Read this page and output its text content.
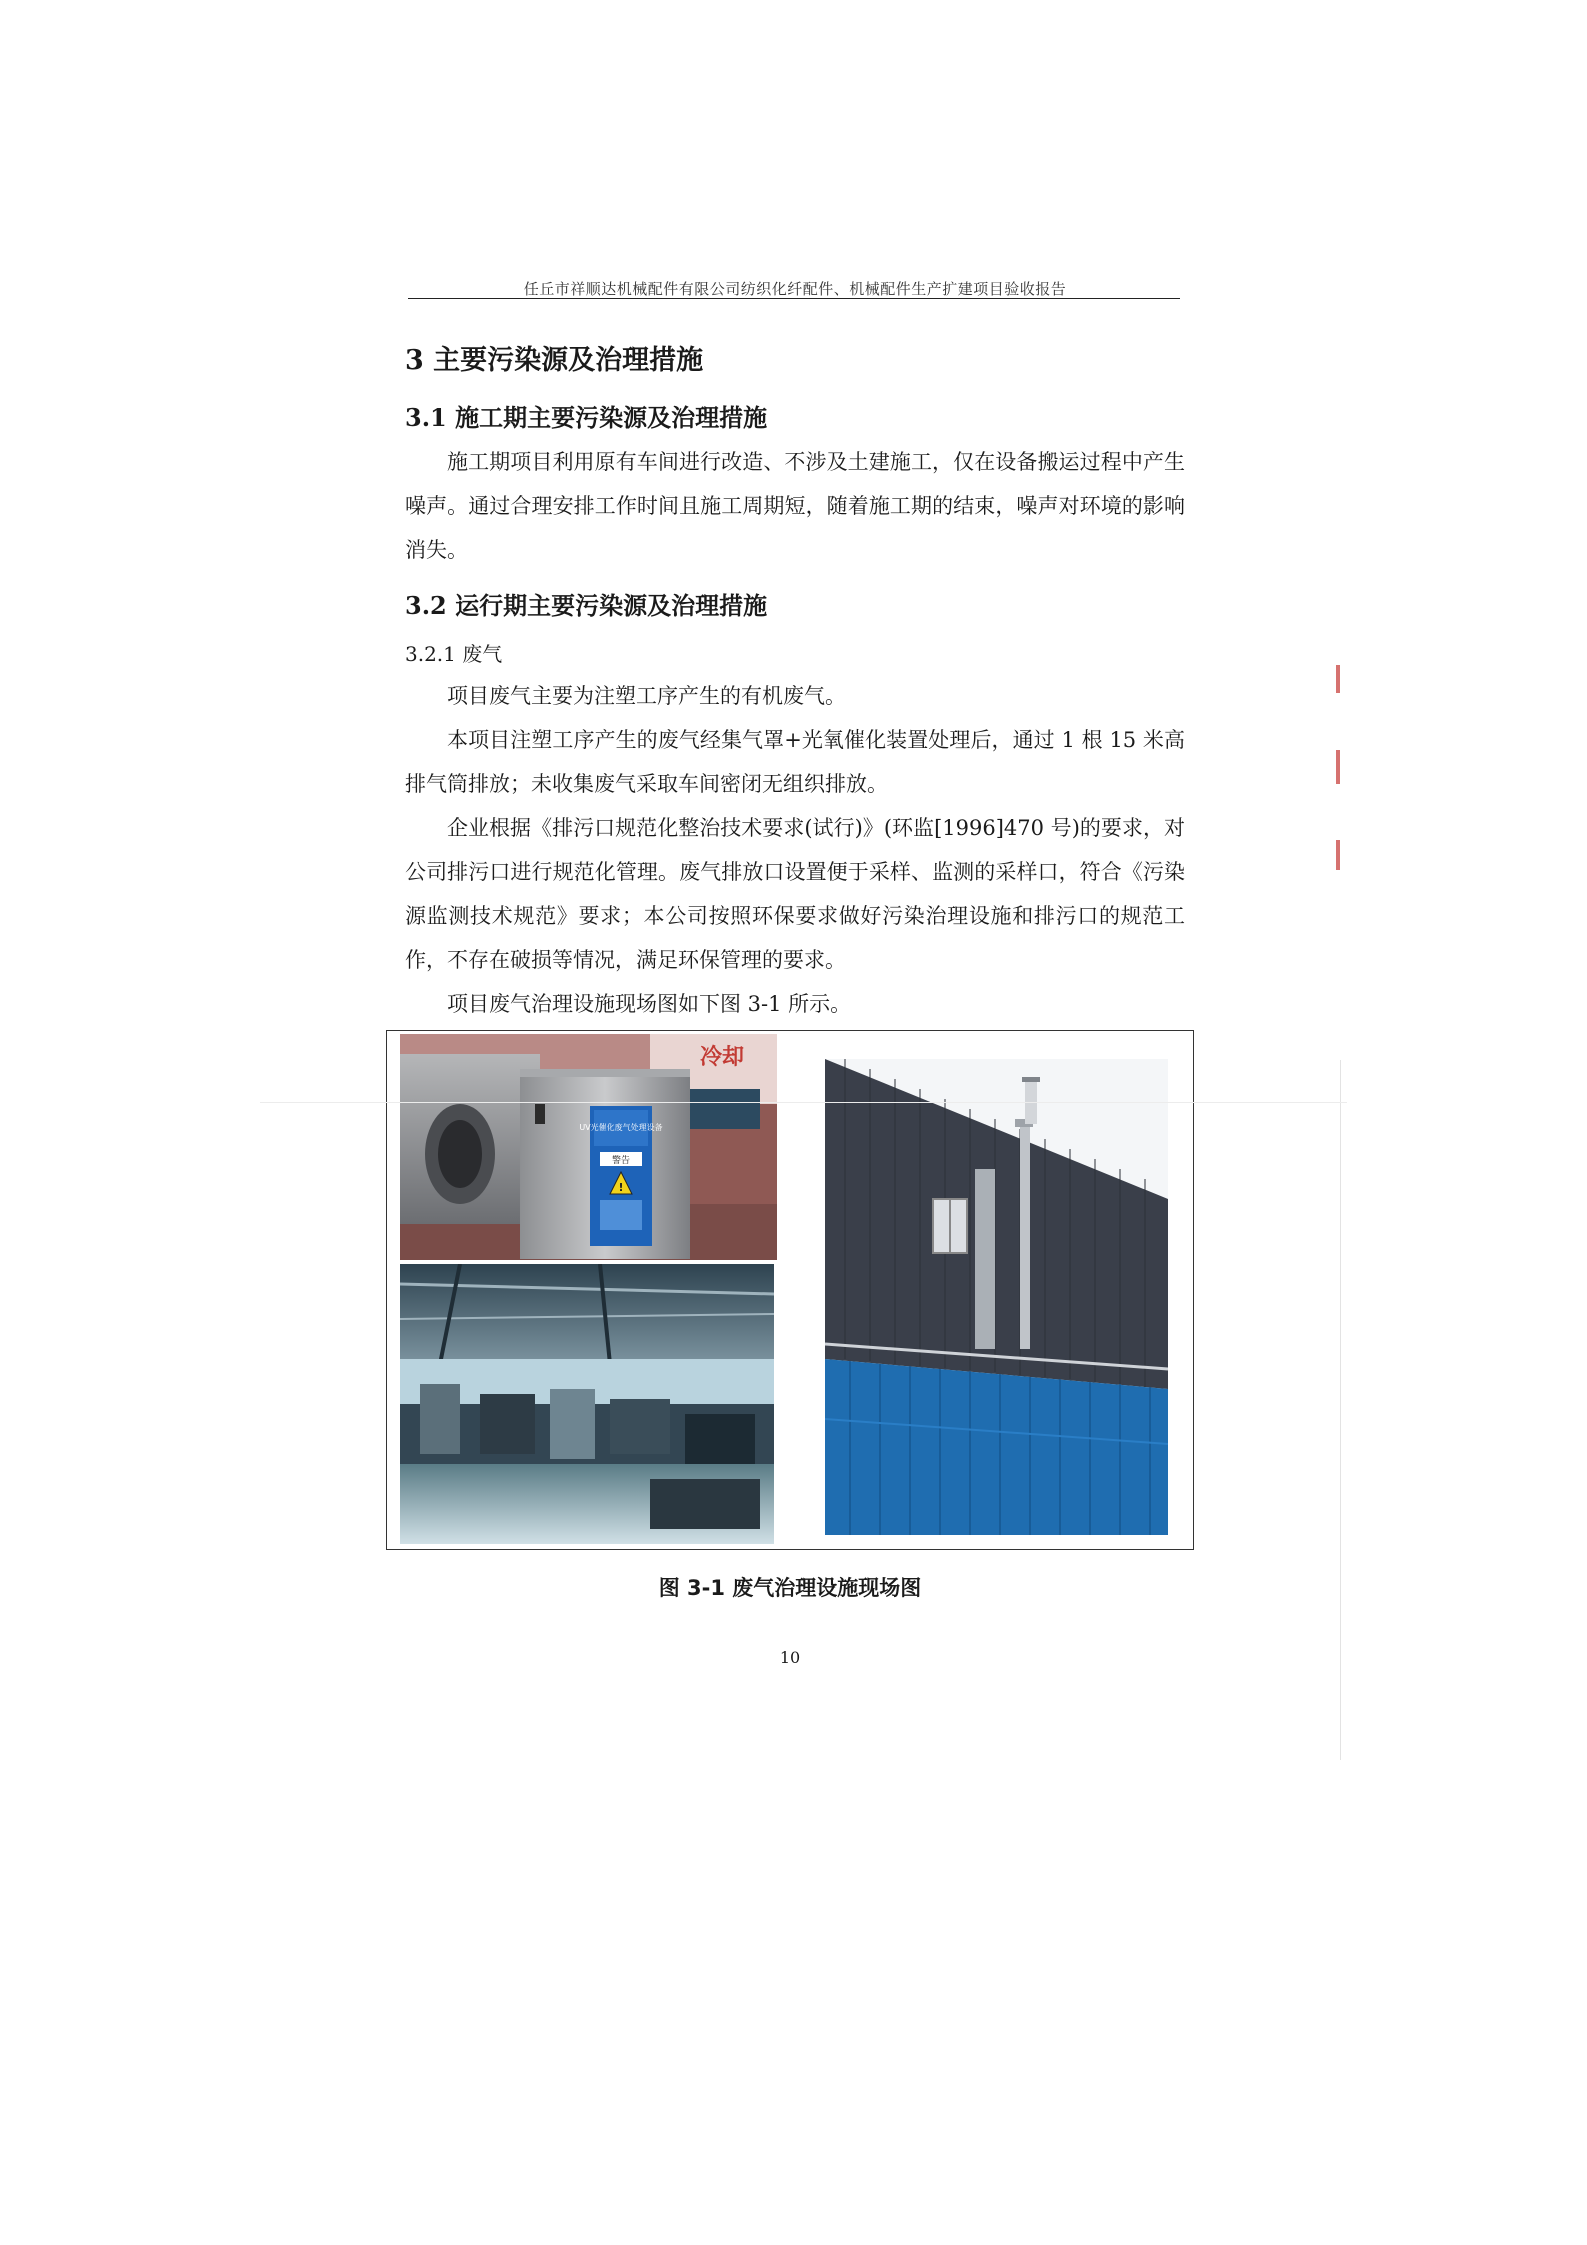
任丘市祥顺达机械配件有限公司纺织化纤配件、机械配件生产扩建项目验收报告
3 主要污染源及治理措施
3.1 施工期主要污染源及治理措施

施工期项目利用原有车间进行改造、不涉及土建施工，仅在设备搬运过程中产生噪声。通过合理安排工作时间且施工周期短，随着施工期的结束，噪声对环境的影响消失。

3.2 运行期主要污染源及治理措施
3.2.1 废气

项目废气主要为注塑工序产生的有机废气。

本项目注塑工序产生的废气经集气罩+光氧催化装置处理后，通过 1 根 15 米高排气筒排放；未收集废气采取车间密闭无组织排放。

企业根据《排污口规范化整治技术要求(试行)》(环监[1996]470 号)的要求，对公司排污口进行规范化管理。废气排放口设置便于采样、监测的采样口，符合《污染源监测技术规范》要求；本公司按照环保要求做好污染治理设施和排污口的规范工作，不存在破损等情况，满足环保管理的要求。

项目废气治理设施现场图如下图 3-1 所示。

UV光催化废气处理设备
警告
!
冷却
图 3-1 废气治理设施现场图
10
